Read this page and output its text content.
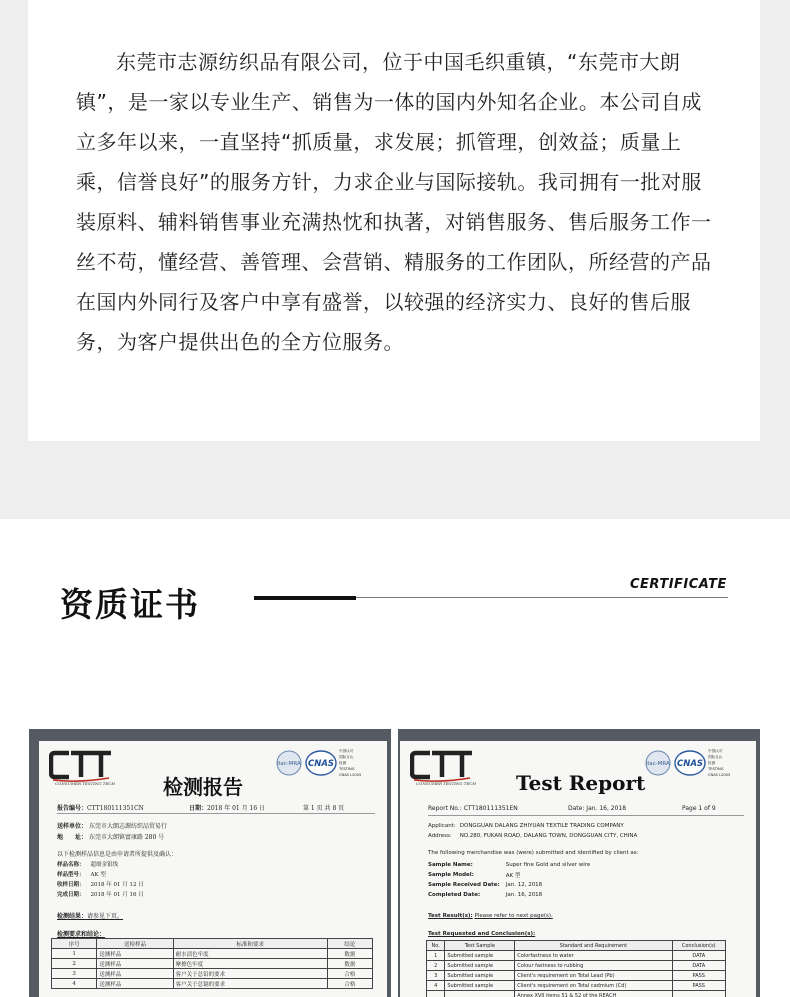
东莞市志源纺织品有限公司，位于中国毛织重镇，“东莞市大朗镇”，是一家以专业生产、销售为一体的国内外知名企业。本公司自成立多年以来，一直坚持“抓质量，求发展；抓管理，创效益；质量上乘，信誉良好”的服务方针，力求企业与国际接轨。我司拥有一批对服装原料、辅料销售事业充满热忱和执著，对销售服务、售后服务工作一丝不苟，懂经营、善管理、会营销、精服务的工作团队，所经营的产品在国内外同行及客户中享有盛誉，以较强的经济实力、良好的售后服务，为客户提供出色的全方位服务。

资质证书
CERTIFICATE
CONSUMER TESTING TECH 检测报告
ilac-MRA CNAS
中国认可
国际互认
检测
TESTING
CNAS L2005
报告编号：CTT180111351CN	日期：2018 年 01 月 16 日	第 1 页 共 8 页
送样单位： 东莞市大朗志源纺织品贸易行
地　　址： 东莞市大朗镇富康路 280 号
以下检测样品信息是由申请者所提供及确认：
样品名称：	超细金银线
样品型号：	AK 型
收样日期：	2018 年 01 月 12 日
完成日期：	2018 年 01 月 16 日
检测结果：请参见下页。
检测要求和结论：
序号	送检样品	标准和要求	结论
1	送测样品	耐水渍色牢度	数据
2	送测样品	摩擦色牢度	数据
3	送测样品	客户关于总铅的要求	合格
4	送测样品	客户关于总镉的要求	合格
CONSUMER TESTING TECH Test Report
ilac-MRA CNAS
中国认可
国际互认
检测
TESTING
CNAS L2005
Report No.: CTT180111351EN	Date: Jan. 16, 2018	Page 1 of 9
Applicant: DONGGUAN DALANG ZHIYUAN TEXTILE TRADING COMPANY
Address: NO.280, FUKAN ROAD, DALANG TOWN, DONGGUAN CITY, CHINA
The following merchandise was (were) submitted and identified by client as:
Sample Name:	Super fine Gold and silver wire
Sample Model:	AK 型
Sample Received Date:	Jan. 12, 2018
Completed Date:	Jan. 16, 2018
Test Result(s): Please refer to next page(s).
Test Requested and Conclusion(s):
No.	Test Sample	Standard and Requirement	Conclusion(s)
1	Submitted sample	Colorfastness to water	DATA
2	Submitted sample	Colour fastness to rubbing	DATA
3	Submitted sample	Client's requirement on Total Lead (Pb)	PASS
4	Submitted sample	Client's requirement on Total cadmium (Cd)	PASS
		Annex XVII items 51 & 52 of the REACH	
